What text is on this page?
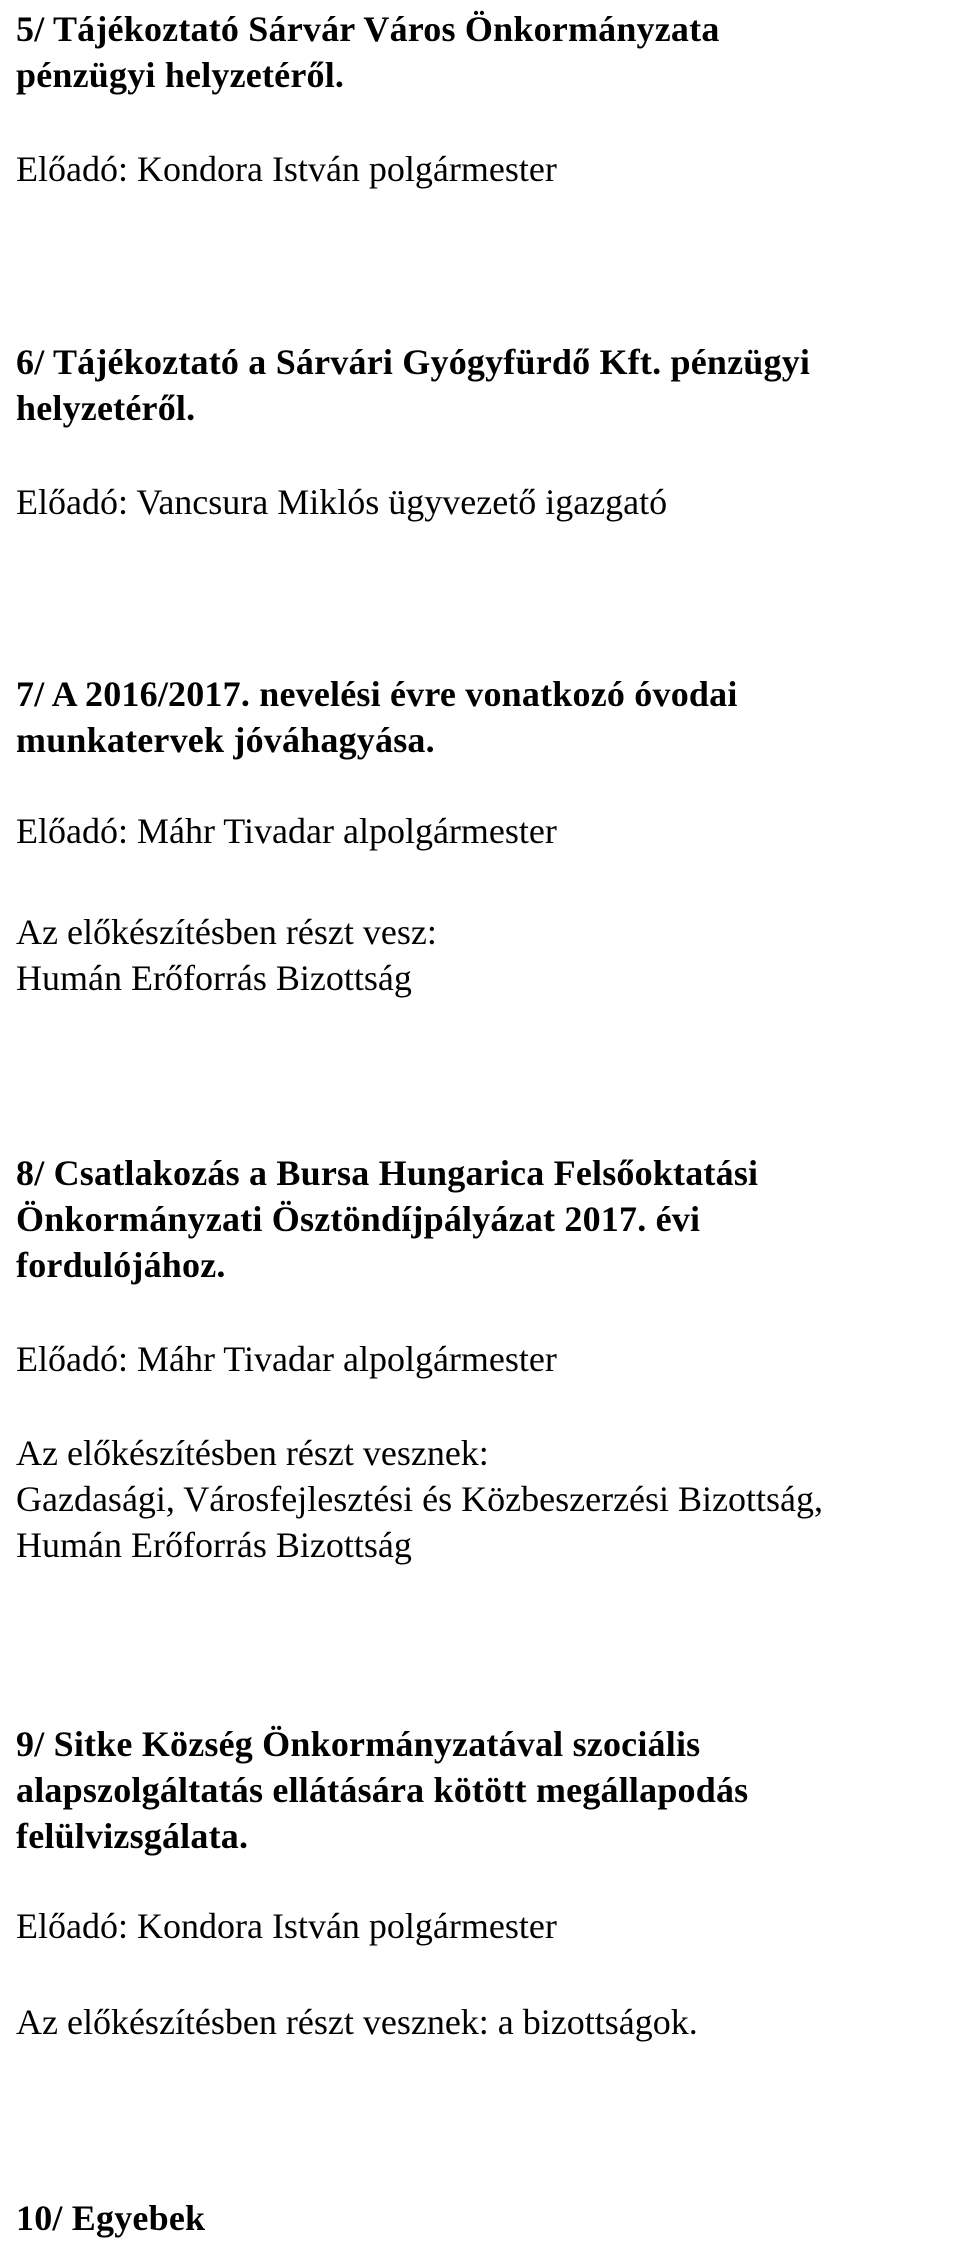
5/ Tájékoztató Sárvár Város Önkormányzata

pénzügyi helyzetéről.

Előadó: Kondora István polgármester

6/ Tájékoztató a Sárvári Gyógyfürdő Kft. pénzügyi

helyzetéről.

Előadó: Vancsura Miklós ügyvezető igazgató

7/ A 2016/2017. nevelési évre vonatkozó óvodai

munkatervek jóváhagyása.

Előadó: Máhr Tivadar alpolgármester

Az előkészítésben részt vesz:

Humán Erőforrás Bizottság

8/ Csatlakozás a Bursa Hungarica Felsőoktatási

Önkormányzati Ösztöndíjpályázat 2017. évi

fordulójához.

Előadó: Máhr Tivadar alpolgármester

Az előkészítésben részt vesznek:

Gazdasági, Városfejlesztési és Közbeszerzési Bizottság,

Humán Erőforrás Bizottság

9/ Sitke Község Önkormányzatával szociális

alapszolgáltatás ellátására kötött megállapodás

felülvizsgálata.

Előadó: Kondora István polgármester

Az előkészítésben részt vesznek: a bizottságok.

10/ Egyebek
